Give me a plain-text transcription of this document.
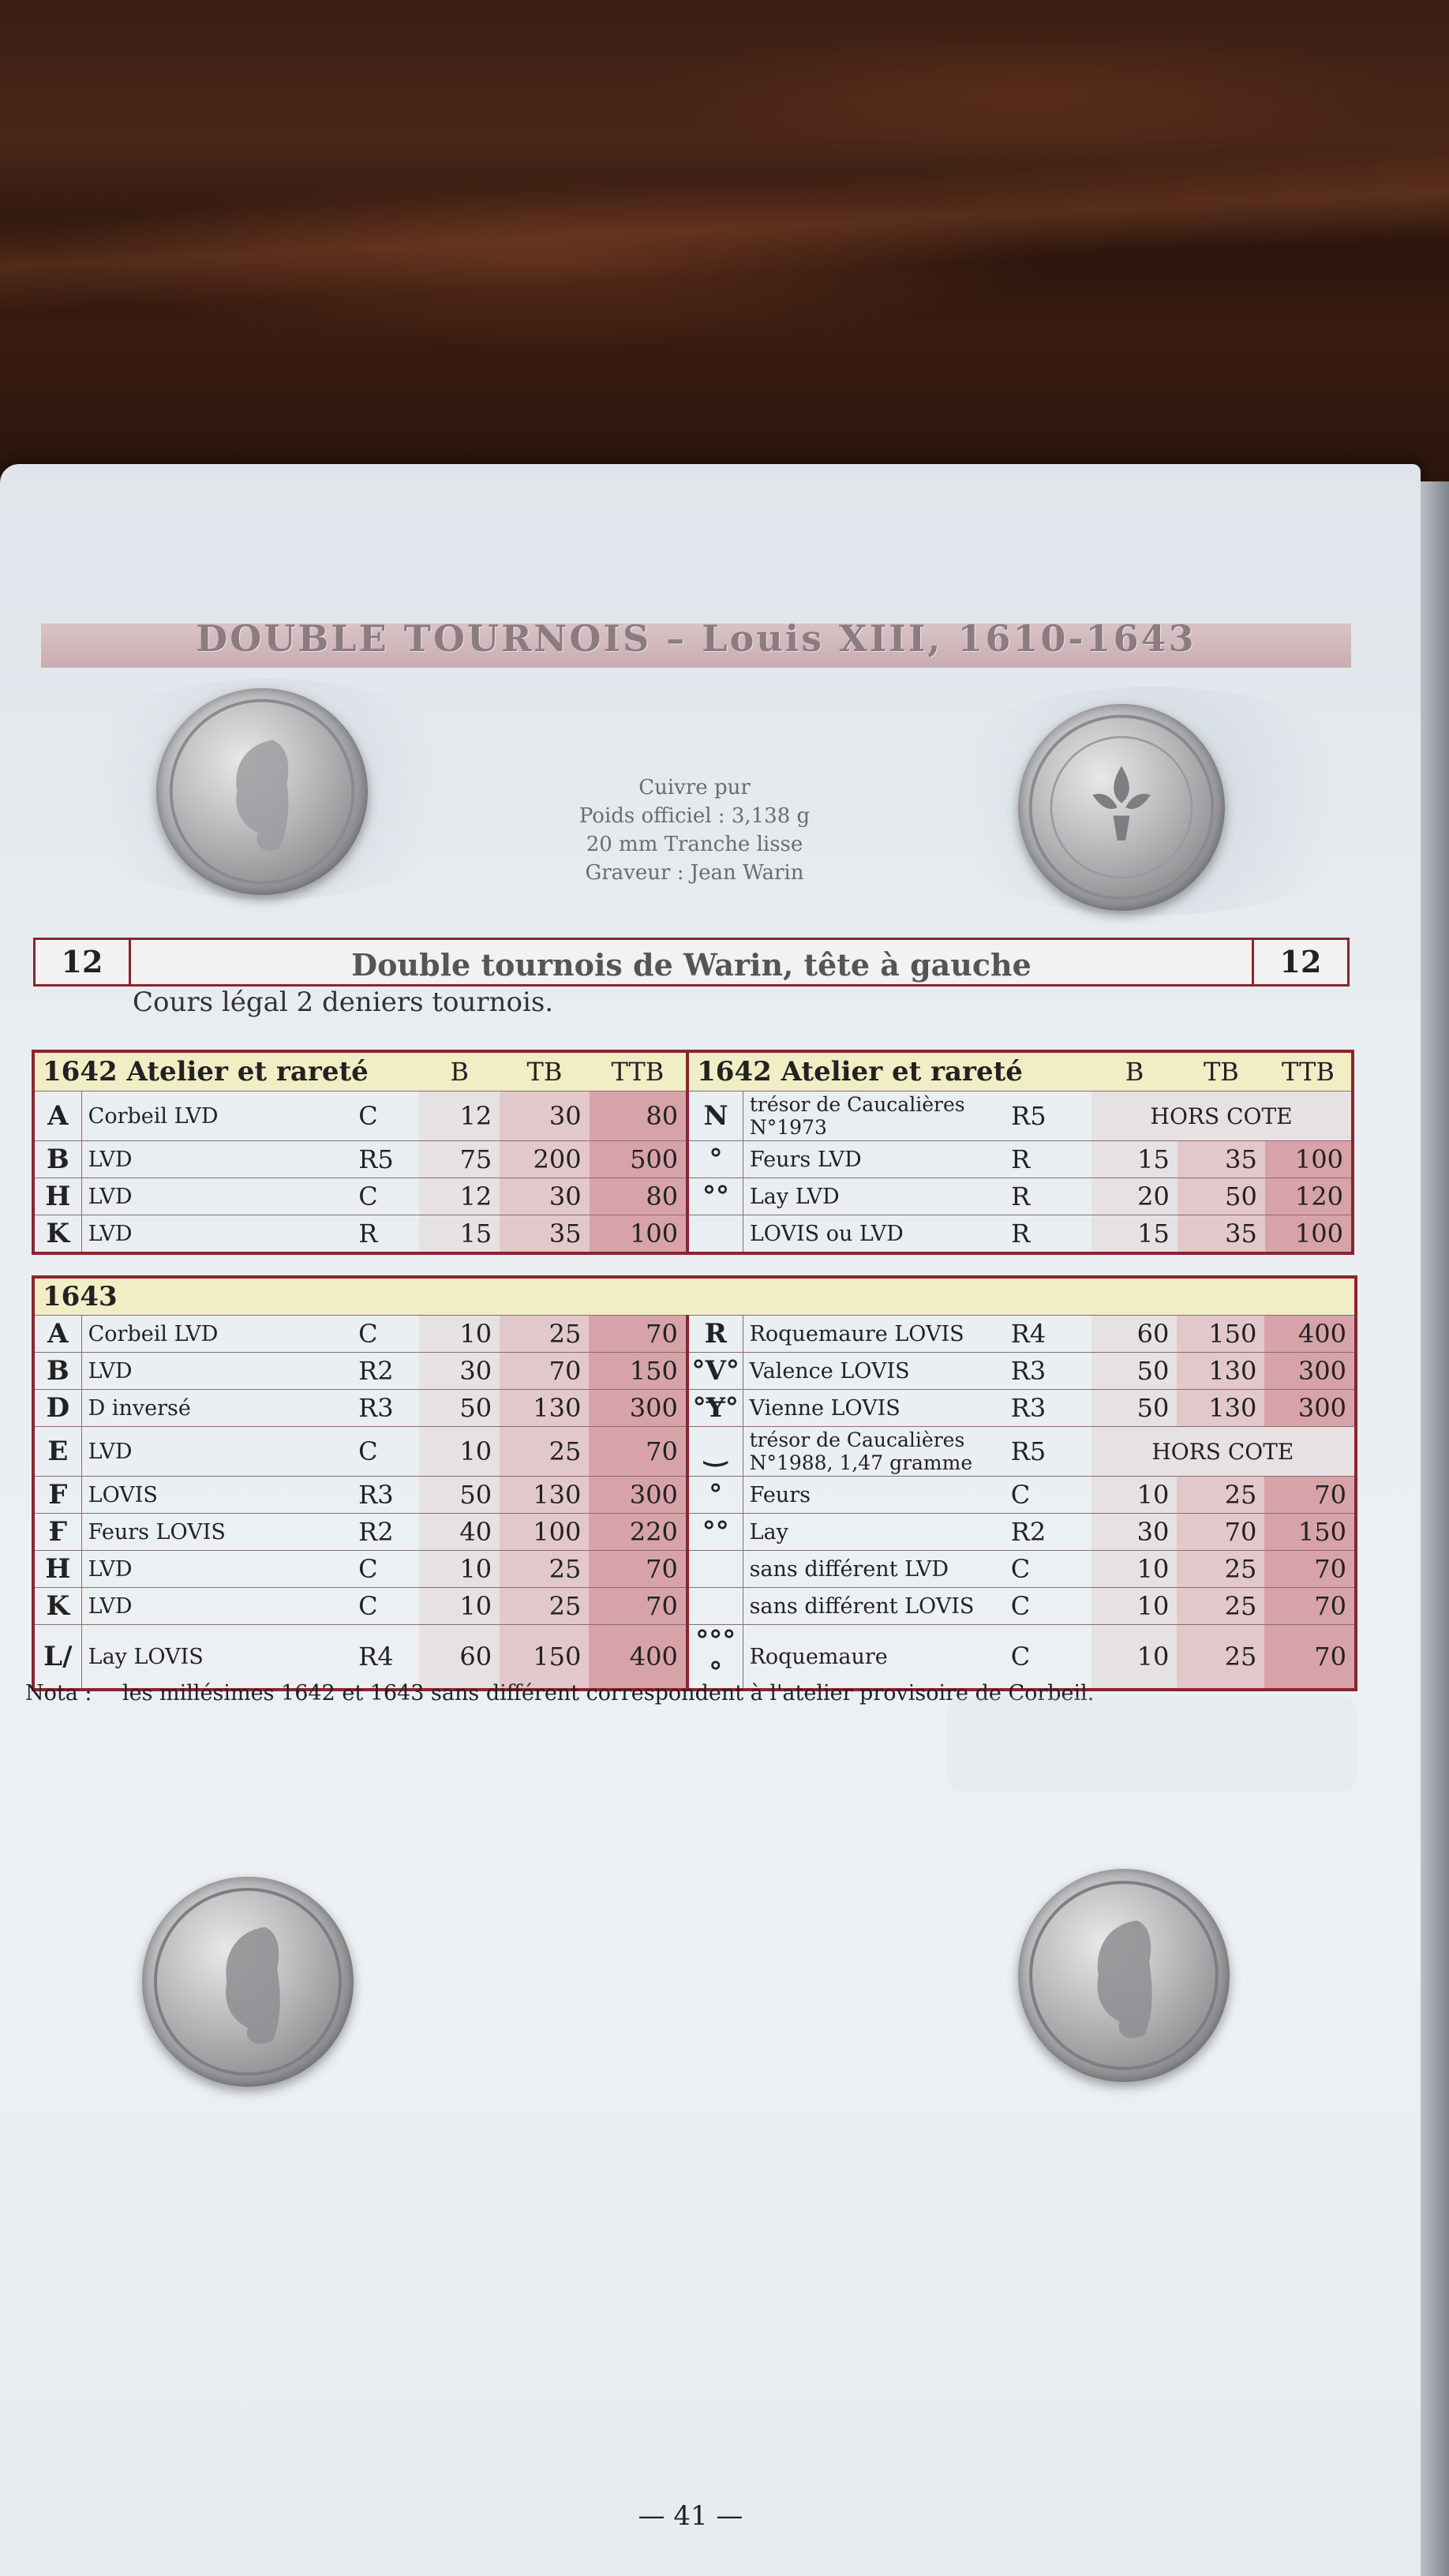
DOUBLE TOURNOIS – Louis XIII, 1610-1643
Cuivre pur
Poids officiel : 3,138 g
20 mm Tranche lisse
Graveur : Jean Warin
12	Double tournois de Warin, tête à gauche	12
Cours légal 2 deniers tournois.
1642 Atelier et rareté			B	TB	TTB	1642 Atelier et rareté			B	TB	TTB
A	Corbeil LVD	C	12	30	80	N	trésor de Caucalières N°1973	R5	HORS COTE		
B	LVD	R5	75	200	500	°	Feurs LVD	R	15	35	100
H	LVD	C	12	30	80	°°	Lay LVD	R	20	50	120
K	LVD	R	15	35	100		LOVIS ou LVD	R	15	35	100
1643											
A	Corbeil LVD	C	10	25	70	R	Roquemaure LOVIS	R4	60	150	400
B	LVD	R2	30	70	150	°V°	Valence LOVIS	R3	50	130	300
D	D inversé	R3	50	130	300	°Ɏ°	Vienne LOVIS	R3	50	130	300
E	LVD	C	10	25	70	‿	trésor de Caucalières N°1988, 1,47 gramme	R5	HORS COTE		
F	LOVIS	R3	50	130	300	°	Feurs	C	10	25	70
Ғ	Feurs LOVIS	R2	40	100	220	°°	Lay	R2	30	70	150
H	LVD	C	10	25	70		sans différent LVD	C	10	25	70
K	LVD	C	10	25	70		sans différent LOVIS	C	10	25	70
L/	Lay LOVIS	R4	60	150	400	°°°°	Roquemaure	C	10	25	70
Nota : les millésimes 1642 et 1643 sans différent correspondent à l'atelier provisoire de Corbeil.
— 41 —
